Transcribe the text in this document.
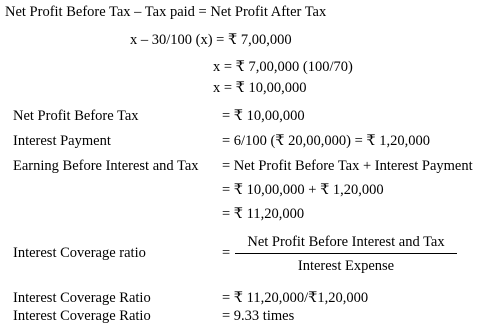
Net Profit Before Tax – Tax paid = Net Profit After Tax
x – 30/100 (x) = ₹ 7,00,000
x = ₹ 7,00,000 (100/70)
x = ₹ 10,00,000
Net Profit Before Tax	= ₹ 10,00,000
Interest Payment	= 6/100 (₹ 20,00,000) = ₹ 1,20,000
Earning Before Interest and Tax = Net Profit Before Tax + Interest Payment
= ₹ 10,00,000 + ₹ 1,20,000
= ₹ 11,20,000
Interest Coverage ratio	=
Net Profit Before Interest and Tax
Interest Expense
Interest Coverage Ratio	= ₹ 11,20,000/₹1,20,000
Interest Coverage Ratio	= 9.33 times
